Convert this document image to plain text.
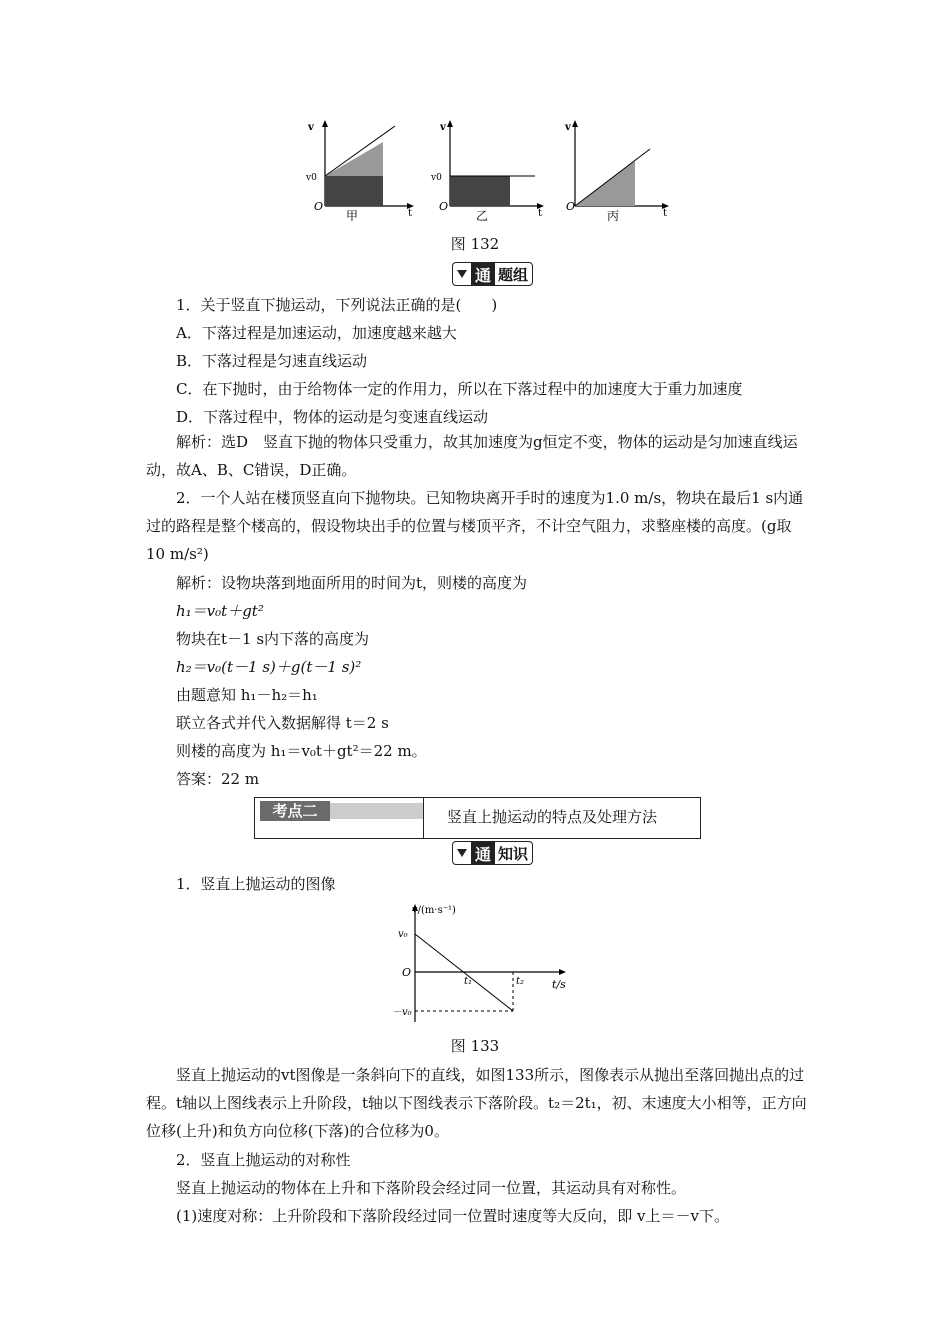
v
v0
O
t
甲
v
v0
O
t
乙
v
O
t
丙
图 132
通 题组
1．关于竖直下抛运动，下列说法正确的是(　　)
A．下落过程是加速运动，加速度越来越大
B．下落过程是匀速直线运动
C．在下抛时，由于给物体一定的作用力，所以在下落过程中的加速度大于重力加速度
D．下落过程中，物体的运动是匀变速直线运动
解析：选D　竖直下抛的物体只受重力，故其加速度为g恒定不变，物体的运动是匀加速直线运动，故A、B、C错误，D正确。
2．一个人站在楼顶竖直向下抛物块。已知物块离开手时的速度为1.0 m/s，物块在最后1 s内通过的路程是整个楼高的，假设物块出手的位置与楼顶平齐，不计空气阻力，求整座楼的高度。(g取10 m/s²)
解析：设物块落到地面所用的时间为t，则楼的高度为
h₁＝v₀t＋gt²
物块在t－1 s内下落的高度为
h₂＝v₀(t－1 s)＋g(t－1 s)²
由题意知 h₁－h₂＝h₁
联立各式并代入数据解得 t＝2 s
则楼的高度为 h₁＝v₀t＋gt²＝22 m。
答案：22 m
考点二	竖直上抛运动的特点及处理方法
通 知识
1．竖直上抛运动的图像
v/(m·s⁻¹)
v₀
O
－v₀
t₁	t₂	t/s
图 133
竖直上抛运动的vt图像是一条斜向下的直线，如图133所示，图像表示从抛出至落回抛出点的过程。t轴以上图线表示上升阶段，t轴以下图线表示下落阶段。t₂＝2t₁，初、末速度大小相等，正方向位移(上升)和负方向位移(下落)的合位移为0。
2．竖直上抛运动的对称性
竖直上抛运动的物体在上升和下落阶段会经过同一位置，其运动具有对称性。
(1)速度对称：上升阶段和下落阶段经过同一位置时速度等大反向，即 v上＝－v下。
